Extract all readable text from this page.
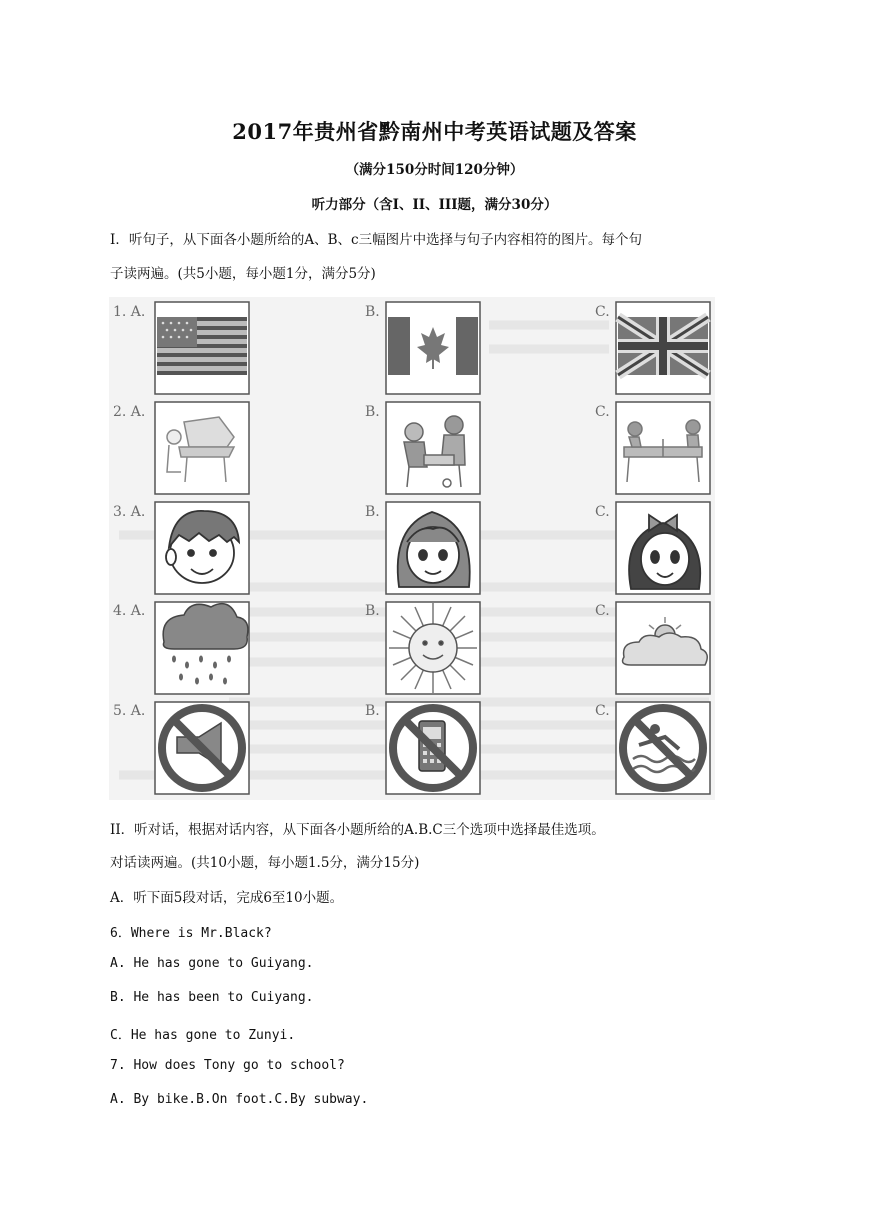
2017年贵州省黔南州中考英语试题及答案
（满分150分时间120分钟）
听力部分（含I、II、III题，满分30分）
I．听句子，从下面各小题所给的A、B、c三幅图片中选择与句子内容相符的图片。每个句
子读两遍。(共5小题，每小题1分，满分5分)
1. A.
2. A.
3. A.
4. A.
5. A.
B.
B.
B.
B.
B.
C.
C.
C.
C.
C.
II．听对话，根据对话内容，从下面各小题所给的A.B.C三个选项中选择最佳选项。
对话读两遍。(共10小题，每小题1.5分，满分15分)
A．听下面5段对话，完成6至10小题。
6．Where is Mr.Black?
A. He has gone to Guiyang.
B. He has been to Cuiyang.
C．He has gone to Zunyi.
7. How does Tony go to school?
A. By bike.B.On foot.C.By subway.
